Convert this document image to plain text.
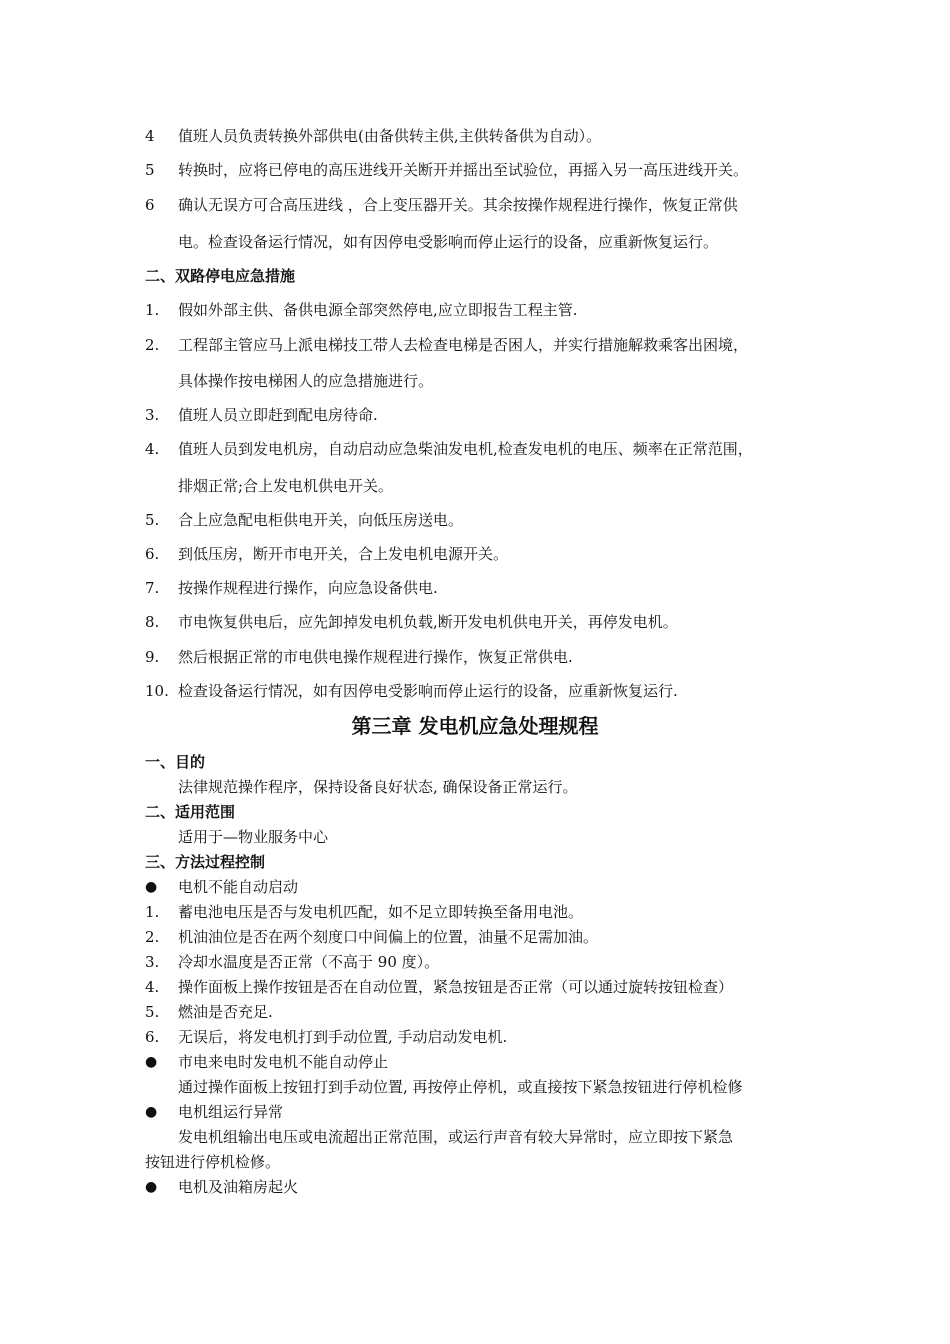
4 值班人员负责转换外部供电(由备供转主供,主供转备供为自动）。
5 转换时，应将已停电的高压进线开关断开并摇出至试验位，再摇入另一高压进线开关。
6 确认无误方可合高压进线 ，合上变压器开关。其余按操作规程进行操作，恢复正常供
电。检查设备运行情况，如有因停电受影响而停止运行的设备，应重新恢复运行。
二、双路停电应急措施
1. 假如外部主供、备供电源全部突然停电,应立即报告工程主管.
2. 工程部主管应马上派电梯技工带人去检查电梯是否困人，并实行措施解救乘客出困境，
具体操作按电梯困人的应急措施进行。
3. 值班人员立即赶到配电房待命.
4. 值班人员到发电机房，自动启动应急柴油发电机,检查发电机的电压、频率在正常范围，
排烟正常;合上发电机供电开关。
5. 合上应急配电柜供电开关，向低压房送电。
6. 到低压房，断开市电开关，合上发电机电源开关。
7. 按操作规程进行操作，向应急设备供电.
8. 市电恢复供电后，应先卸掉发电机负载,断开发电机供电开关，再停发电机。
9. 然后根据正常的市电供电操作规程进行操作，恢复正常供电.
10. 检查设备运行情况，如有因停电受影响而停止运行的设备，应重新恢复运行.
第三章 发电机应急处理规程
一、目的
法律规范操作程序，保持设备良好状态, 确保设备正常运行。
二、适用范围
适用于—物业服务中心
三、方法过程控制
● 电机不能自动启动
1. 蓄电池电压是否与发电机匹配，如不足立即转换至备用电池。
2. 机油油位是否在两个刻度口中间偏上的位置，油量不足需加油。
3. 冷却水温度是否正常（不高于 90 度）。
4. 操作面板上操作按钮是否在自动位置，紧急按钮是否正常（可以通过旋转按钮检查）
5. 燃油是否充足.
6. 无误后，将发电机打到手动位置, 手动启动发电机.
● 市电来电时发电机不能自动停止
通过操作面板上按钮打到手动位置, 再按停止停机，或直接按下紧急按钮进行停机检修
● 电机组运行异常
发电机组输出电压或电流超出正常范围，或运行声音有较大异常时，应立即按下紧急
按钮进行停机检修。
● 电机及油箱房起火
